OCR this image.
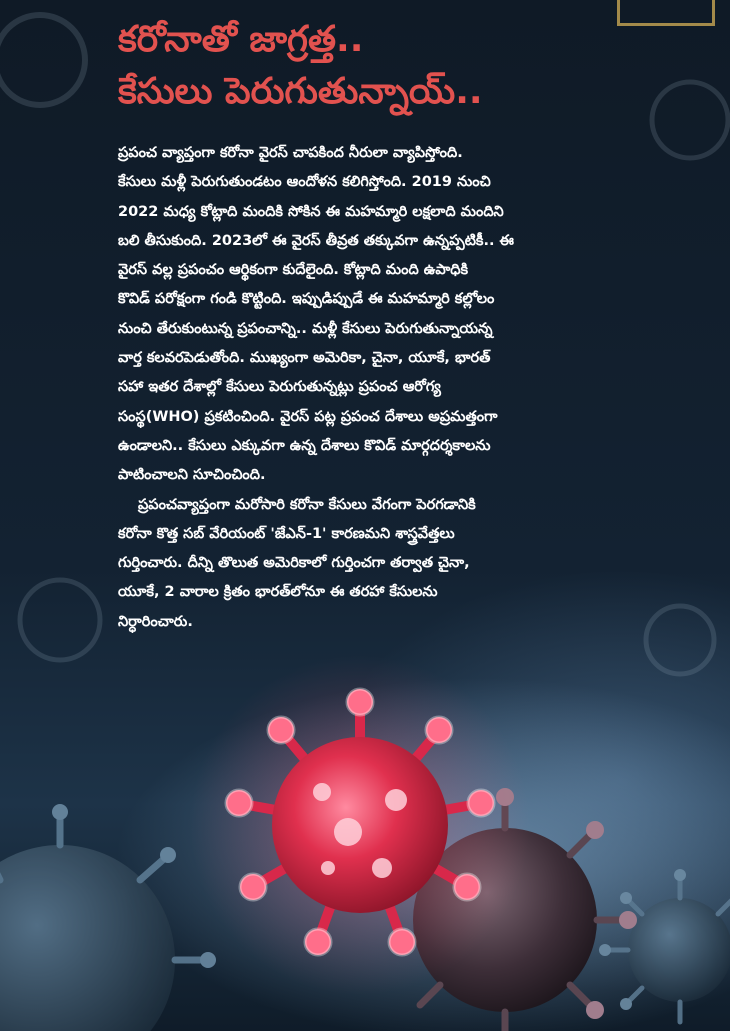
కరోనాతో జాగ్రత్త..
కేసులు పెరుగుతున్నాయ్..

ప్రపంచ వ్యాప్తంగా కరోనా వైరస్ చాపకింద నీరులా వ్యాపిస్తోంది.
కేసులు మళ్లీ పెరుగుతుండటం ఆందోళన కలిగిస్తోంది. 2019 నుంచి
2022 మధ్య కోట్లాది మందికి సోకిన ఈ మహమ్మారి లక్షలాది మందిని
బలి తీసుకుంది. 2023లో ఈ వైరస్ తీవ్రత తక్కువగా ఉన్నప్పటికీ.. ఈ
వైరస్ వల్ల ప్రపంచం ఆర్థికంగా కుదేలైంది. కోట్లాది మంది ఉపాధికి
కొవిడ్ పరోక్షంగా గండి కొట్టింది. ఇప్పుడిప్పుడే ఈ మహమ్మారి కల్లోలం
నుంచి తేరుకుంటున్న ప్రపంచాన్ని.. మళ్లీ కేసులు పెరుగుతున్నాయన్న
వార్త కలవరపెడుతోంది. ముఖ్యంగా అమెరికా, చైనా, యూకే, భారత్
సహా ఇతర దేశాల్లో కేసులు పెరుగుతున్నట్లు ప్రపంచ ఆరోగ్య
సంస్థ(WHO) ప్రకటించింది. వైరస్ పట్ల ప్రపంచ దేశాలు అప్రమత్తంగా
ఉండాలని.. కేసులు ఎక్కువగా ఉన్న దేశాలు కొవిడ్ మార్గదర్శకాలను
పాటించాలని సూచించింది.

ప్రపంచవ్యాప్తంగా మరోసారి కరోనా కేసులు వేగంగా పెరగడానికి
కరోనా కొత్త సబ్ వేరియంట్ 'జేఎన్-1' కారణమని శాస్త్రవేత్తలు
గుర్తించారు. దీన్ని తొలుత అమెరికాలో గుర్తించగా తర్వాత చైనా,
యూకే, 2 వారాల క్రితం భారత్‌లోనూ ఈ తరహా కేసులను
నిర్ధారించారు.
